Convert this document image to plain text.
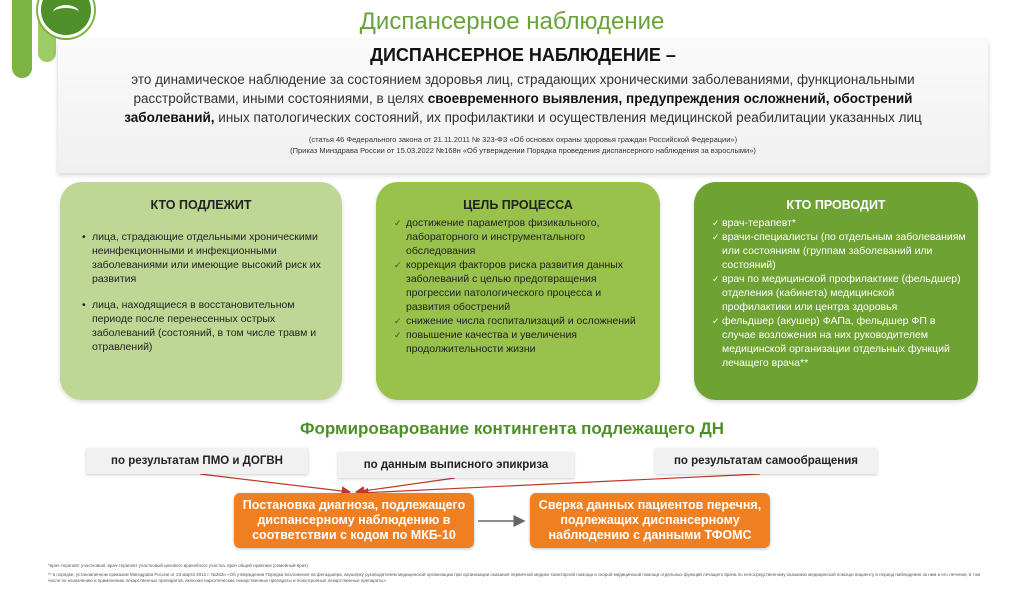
Диспансерное наблюдение
ДИСПАНСЕРНОЕ НАБЛЮДЕНИЕ –
это динамическое наблюдение за состоянием здоровья лиц, страдающих хроническими заболеваниями, функциональными расстройствами, иными состояниями, в целях своевременного выявления, предупреждения осложнений, обострений заболеваний, иных патологических состояний, их профилактики и осуществления медицинской реабилитации указанных лиц
(статья 46 Федерального закона от 21.11.2011 № 323-ФЗ «Об основах охраны здоровья граждан Российской Федерации»)
(Приказ Минздрава России от 15.03.2022 №168н «Об утверждении Порядка проведения диспансерного наблюдения за взрослыми»)
КТО ПОДЛЕЖИТ
• лица, страдающие отдельными хроническими неинфекционными и инфекционными заболеваниями или имеющие высокий риск их развития
• лица, находящиеся в восстановительном периоде после перенесенных острых заболеваний (состояний, в том числе травм и отравлений)
ЦЕЛЬ ПРОЦЕССА
✓ достижение параметров физикального, лабораторного и инструментального обследования
✓ коррекция факторов риска развития данных заболеваний с целью предотвращения прогрессии патологического процесса и развития обострений
✓ снижение числа госпитализаций и осложнений
✓ повышение качества и увеличения продолжительности жизни
КТО ПРОВОДИТ
✓ врач-терапевт*
✓ врачи-специалисты (по отдельным заболеваниям или состояниям (группам заболеваний или состояний)
✓ врач по медицинской профилактике (фельдшер) отделения (кабинета) медицинской профилактики или центра здоровья
✓ фельдшер (акушер) ФАПа, фельдшер ФП в случае возложения на них руководителем медицинской организации отдельных функций лечащего врача**
Формироварование контингента подлежащего ДН
по результатам ПМО и ДОГВН	по данным выписного эпикриза	по результатам самообращения
Постановка диагноза, подлежащего диспансерному наблюдению в соответствии с кодом по МКБ-10
Сверка данных пациентов перечня, подлежащих диспансерному наблюдению с данными ТФОМС
*врач-терапевт участковый, врач-терапевт участковый цехового врачебного участка, врач общей практики (семейный врач)
** в порядке, установленном приказом Минздрава России от 23 марта 2012 г. №252н «Об утверждении Порядка возложения на фельдшера, акушерку руководителем медицинской организации при организации оказания первичной медико-санитарной помощи и скорой медицинской помощи отдельных функций лечащего врача по непосредственному оказанию медицинской помощи пациенту в период наблюдения за ним и его лечения, в том числе по назначению и применению лекарственных препаратов, включая наркотические лекарственные препараты и психотропные лекарственные препараты»
